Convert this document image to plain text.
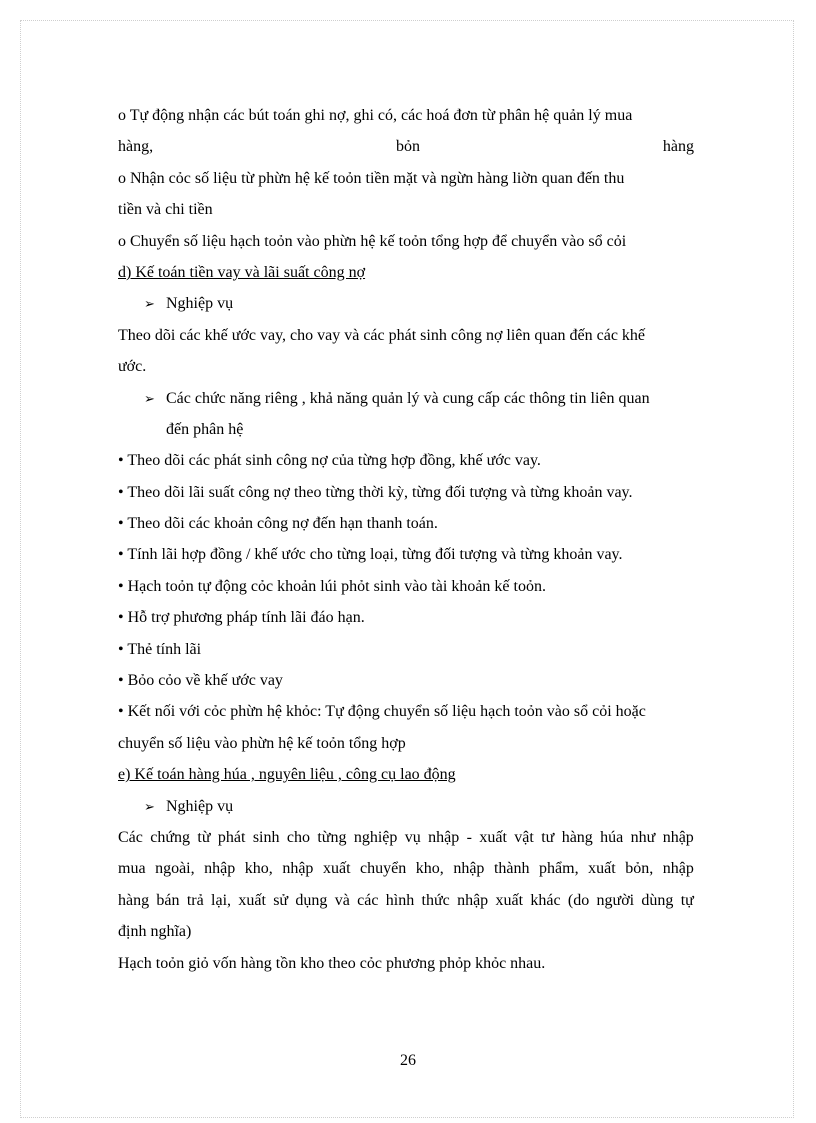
o Tự động nhận các bút toán ghi nợ, ghi có, các hoá đơn từ phân hệ quản lý mua
hàng,	bỏn	hàng
o Nhận cỏc số liệu từ phừn hệ kế toỏn tiền mặt và ngừn hàng liờn quan đến thu
tiền và chi tiền
o Chuyển số liệu hạch toỏn vào phừn hệ kế toỏn tổng hợp để chuyển vào sổ cỏi
d) Kế toán tiền vay và lãi suất công nợ
➢ Nghiệp vụ
Theo dõi các khế ước vay, cho vay và các phát sinh công nợ liên quan đến các khế
ước.
➢ Các chức năng riêng , khả năng quản lý và cung cấp các thông tin liên quan
đến phân hệ
• Theo dõi các phát sinh công nợ của từng hợp đồng, khế ước vay.
• Theo dõi lãi suất công nợ theo từng thời kỳ, từng đối tượng và từng khoản vay.
• Theo dõi các khoản công nợ đến hạn thanh toán.
• Tính lãi hợp đồng / khế ước cho từng loại, từng đối tượng và từng khoản vay.
• Hạch toỏn tự động cỏc khoản lúi phỏt sinh vào tài khoản kế toỏn.
• Hỗ trợ phương pháp tính lãi đáo hạn.
• Thẻ tính lãi
• Bỏo cỏo về khế ước vay
• Kết nối với cỏc phừn hệ khỏc: Tự động chuyển số liệu hạch toỏn vào sổ cỏi hoặc
chuyển số liệu vào phừn hệ kế toỏn tổng hợp
e) Kế toán hàng húa , nguyên liệu , công cụ lao động
➢ Nghiệp vụ
Các chứng từ phát sinh cho từng nghiệp vụ nhập - xuất vật tư hàng húa như nhập
mua ngoài, nhập kho, nhập xuất chuyển kho, nhập thành phẩm, xuất bỏn, nhập
hàng bán trả lại, xuất sử dụng và các hình thức nhập xuất khác (do người dùng tự
định nghĩa)
Hạch toỏn giỏ vốn hàng tồn kho theo cỏc phương phỏp khỏc nhau.
26
